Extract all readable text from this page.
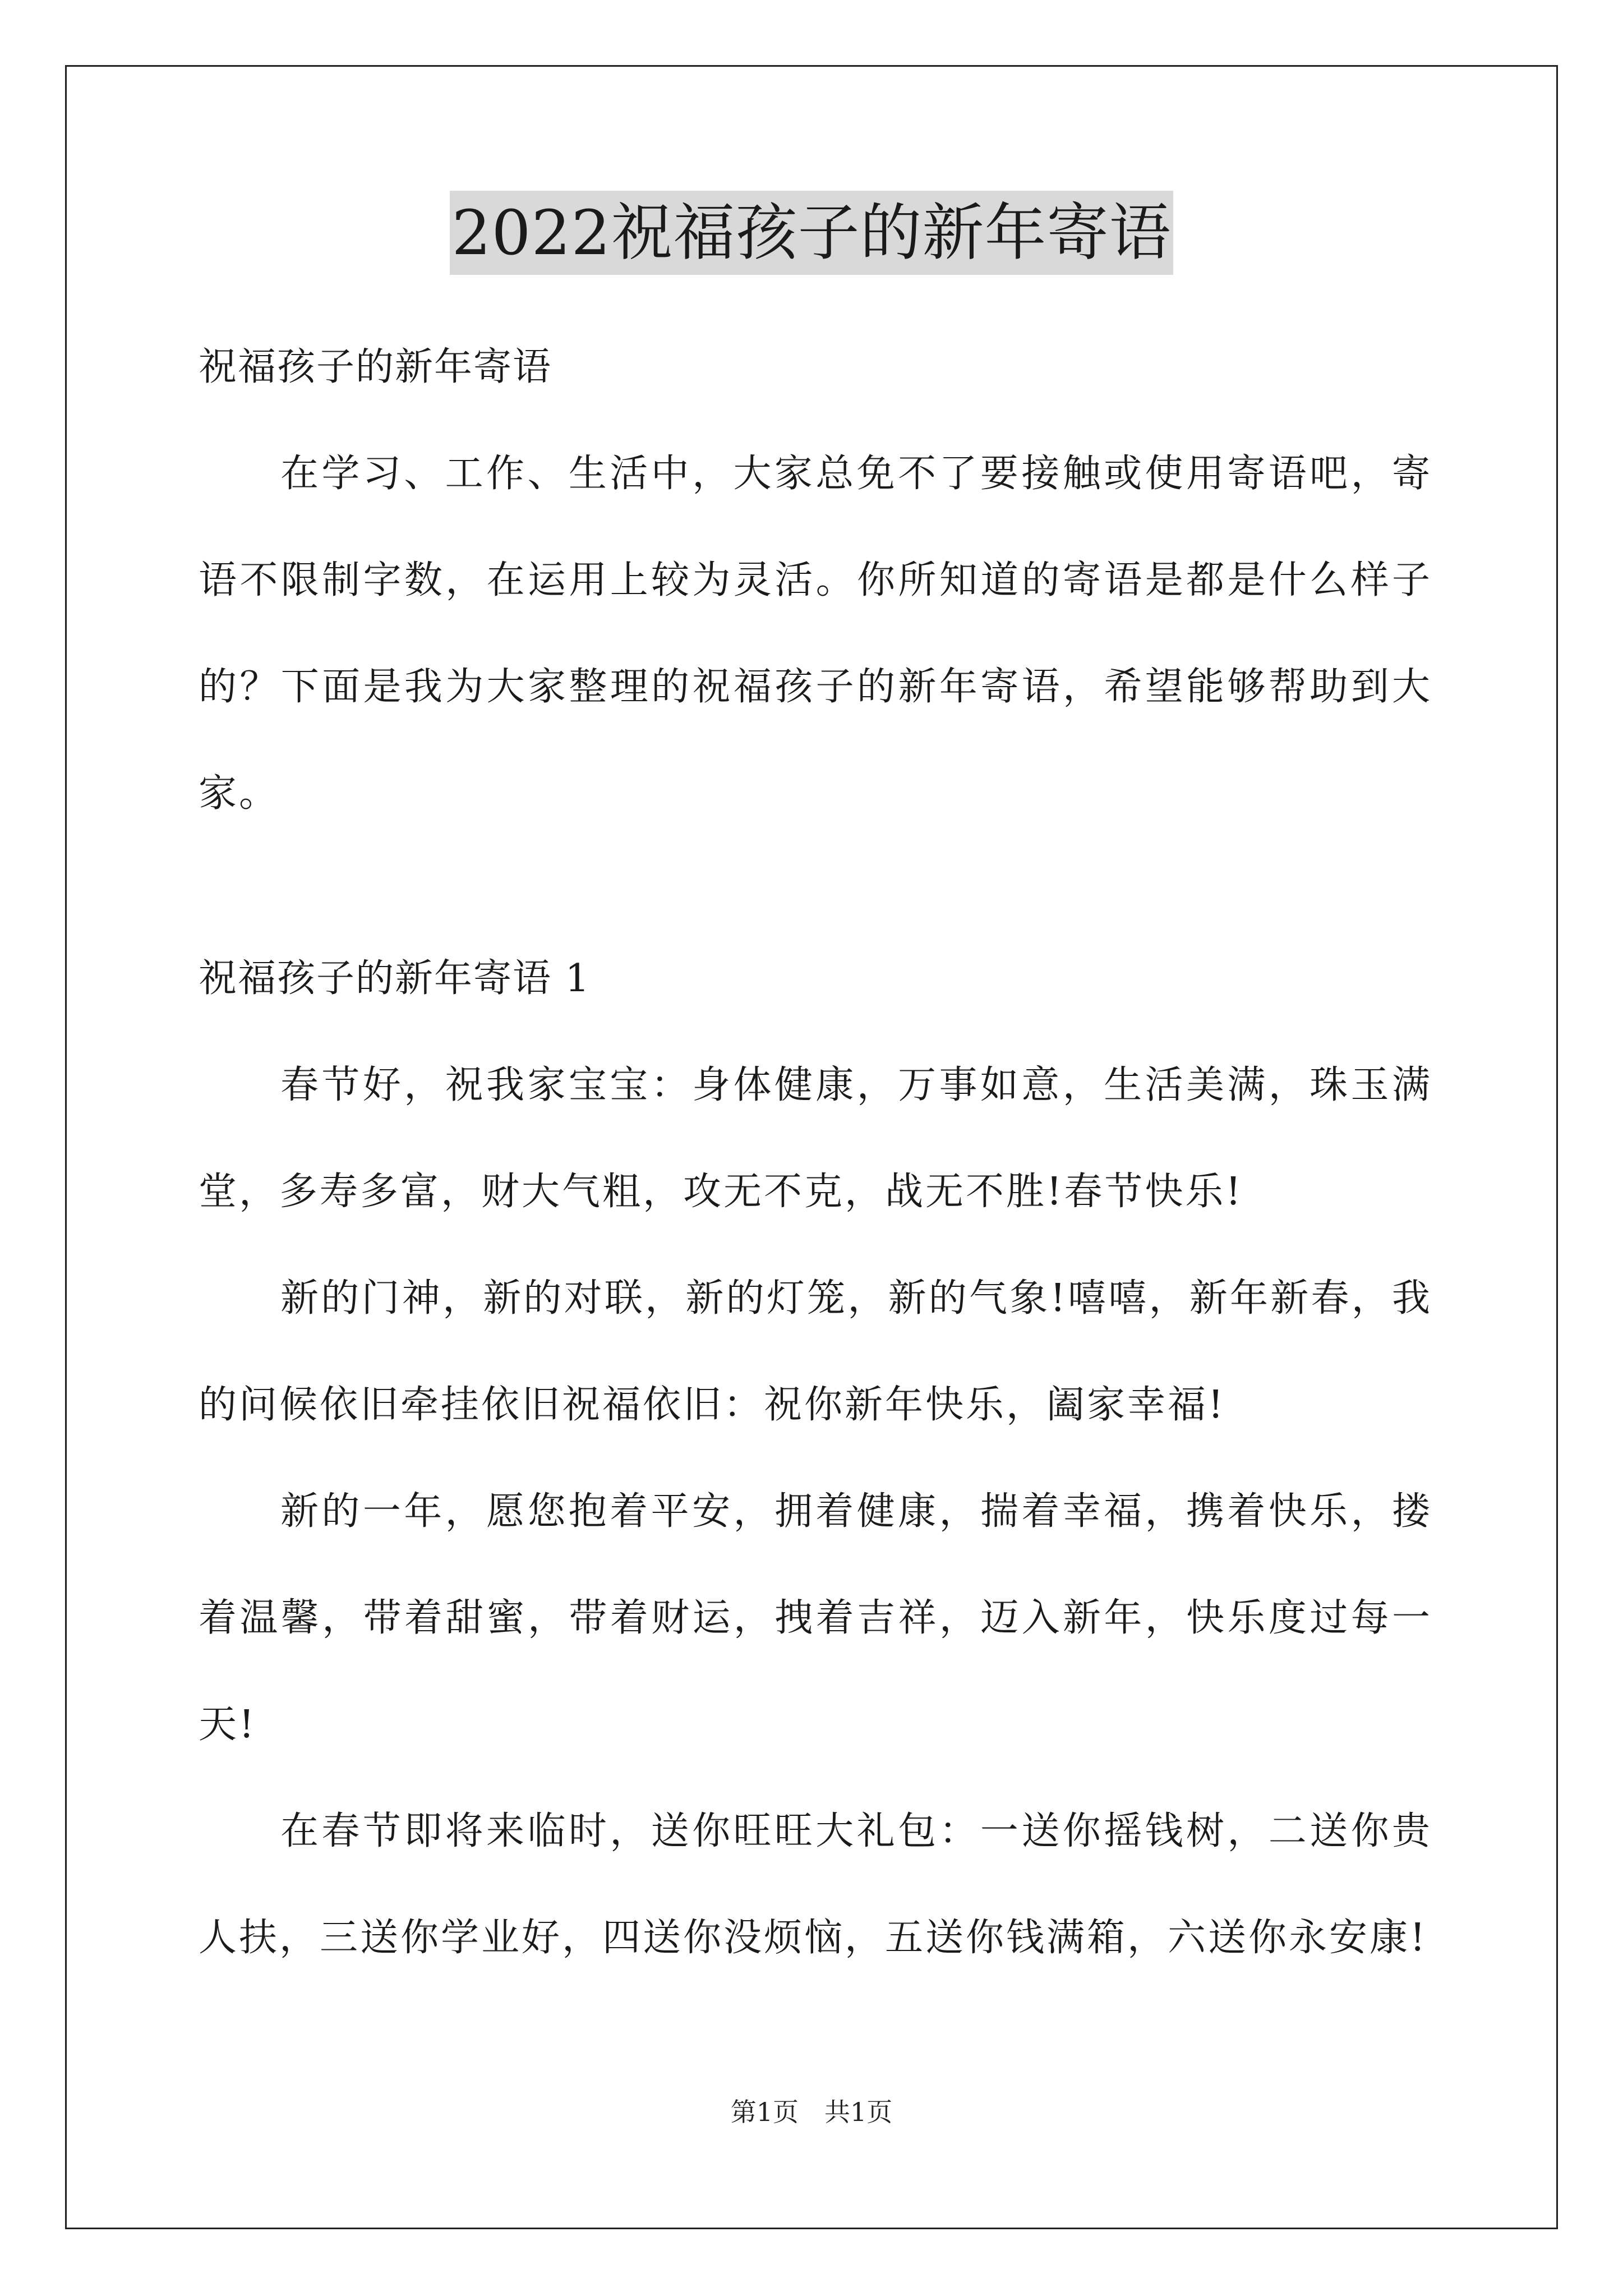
2022祝福孩子的新年寄语

祝福孩子的新年寄语

在学习、工作、生活中，大家总免不了要接触或使用寄语吧，寄语不限制字数，在运用上较为灵活。你所知道的寄语是都是什么样子的？下面是我为大家整理的祝福孩子的新年寄语，希望能够帮助到大家。

祝福孩子的新年寄语 1

春节好，祝我家宝宝：身体健康，万事如意，生活美满，珠玉满堂，多寿多富，财大气粗，攻无不克，战无不胜!春节快乐!

新的门神，新的对联，新的灯笼，新的气象!嘻嘻，新年新春，我的问候依旧牵挂依旧祝福依旧：祝你新年快乐，阖家幸福!

新的一年，愿您抱着平安，拥着健康，揣着幸福，携着快乐，搂着温馨，带着甜蜜，带着财运，拽着吉祥，迈入新年，快乐度过每一天!

在春节即将来临时，送你旺旺大礼包：一送你摇钱树，二送你贵人扶，三送你学业好，四送你没烦恼，五送你钱满箱，六送你永安康!

第1页　共1页
